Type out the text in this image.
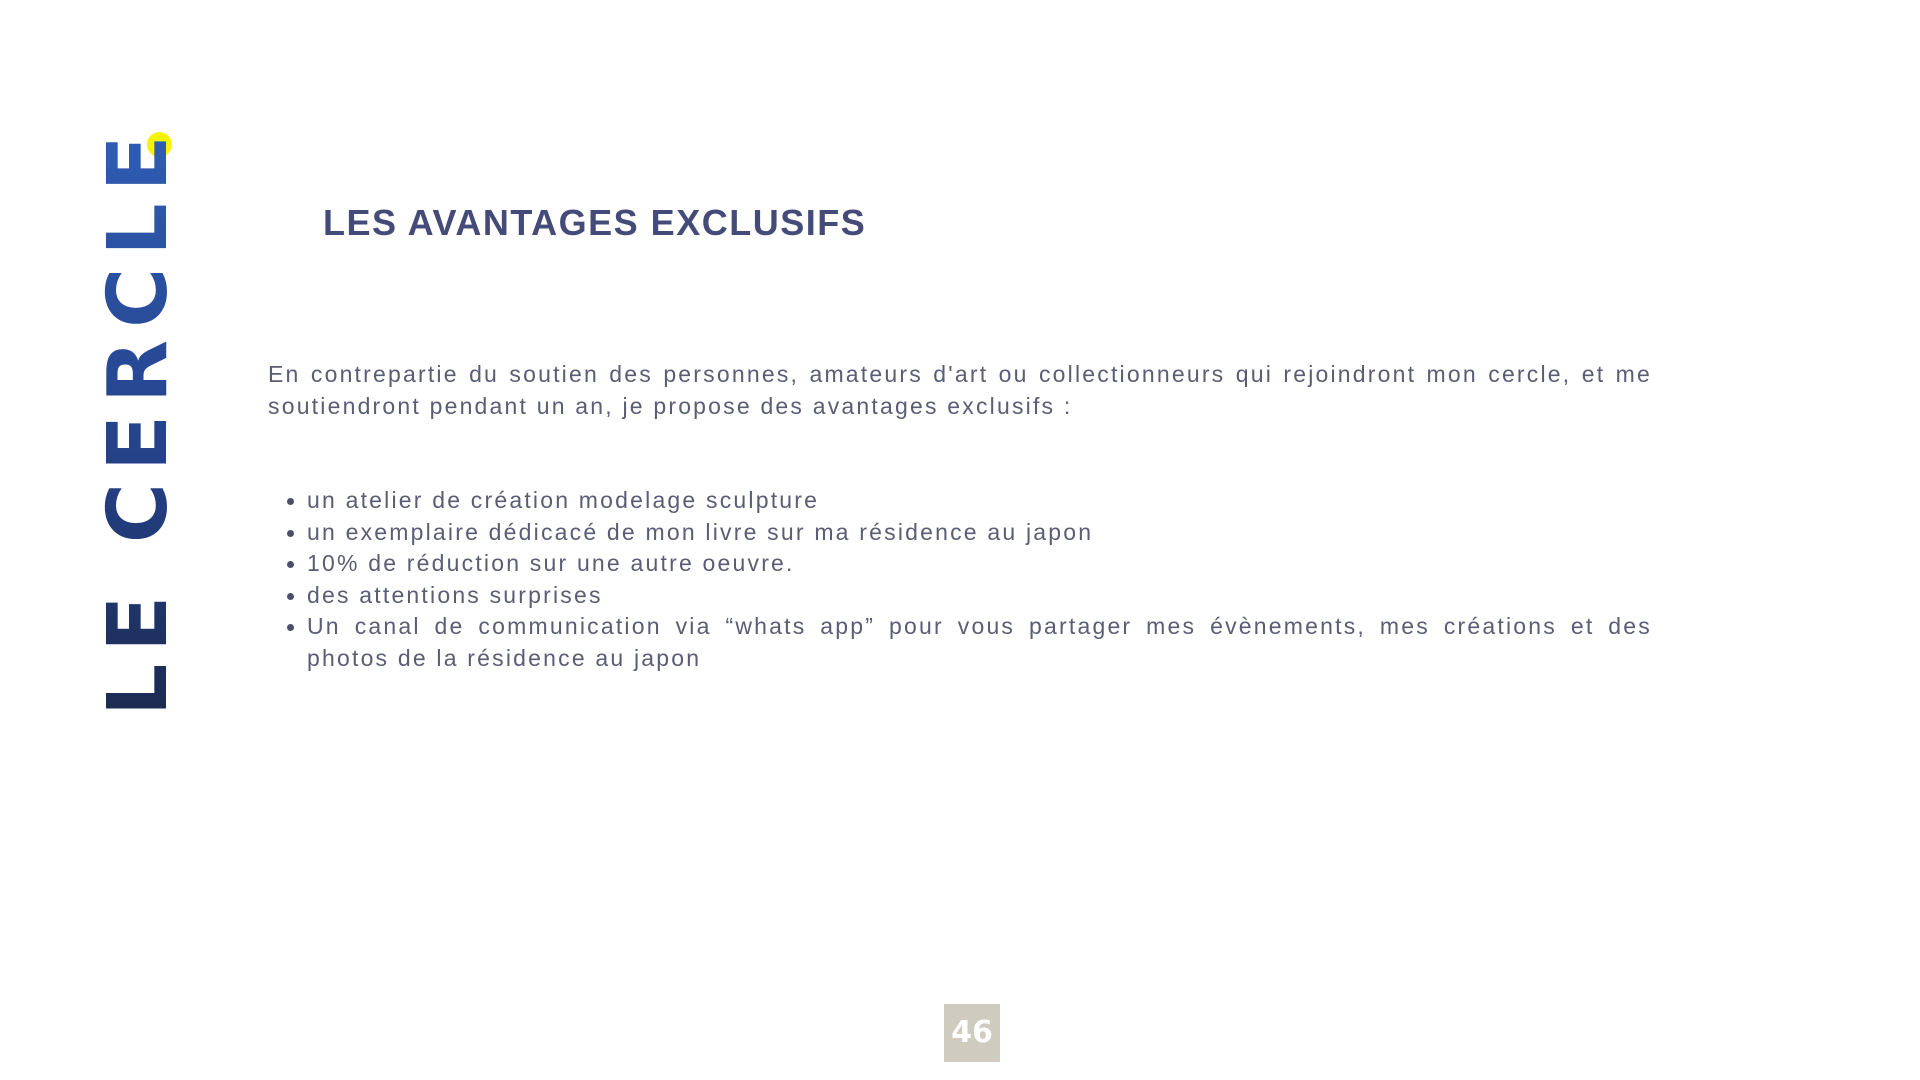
LE CERCLE	LES AVANTAGES EXCLUSIFS

En contrepartie du soutien des personnes, amateurs d'art ou collectionneurs qui rejoindront mon cercle, et me soutiendront pendant un an, je propose des avantages exclusifs :

un atelier de création modelage sculpture
un exemplaire dédicacé de mon livre sur ma résidence au japon
10% de réduction sur une autre oeuvre.
des attentions surprises
Un canal de communication via “whats app” pour vous partager mes évènements, mes créations et des photos de la résidence au japon
46
